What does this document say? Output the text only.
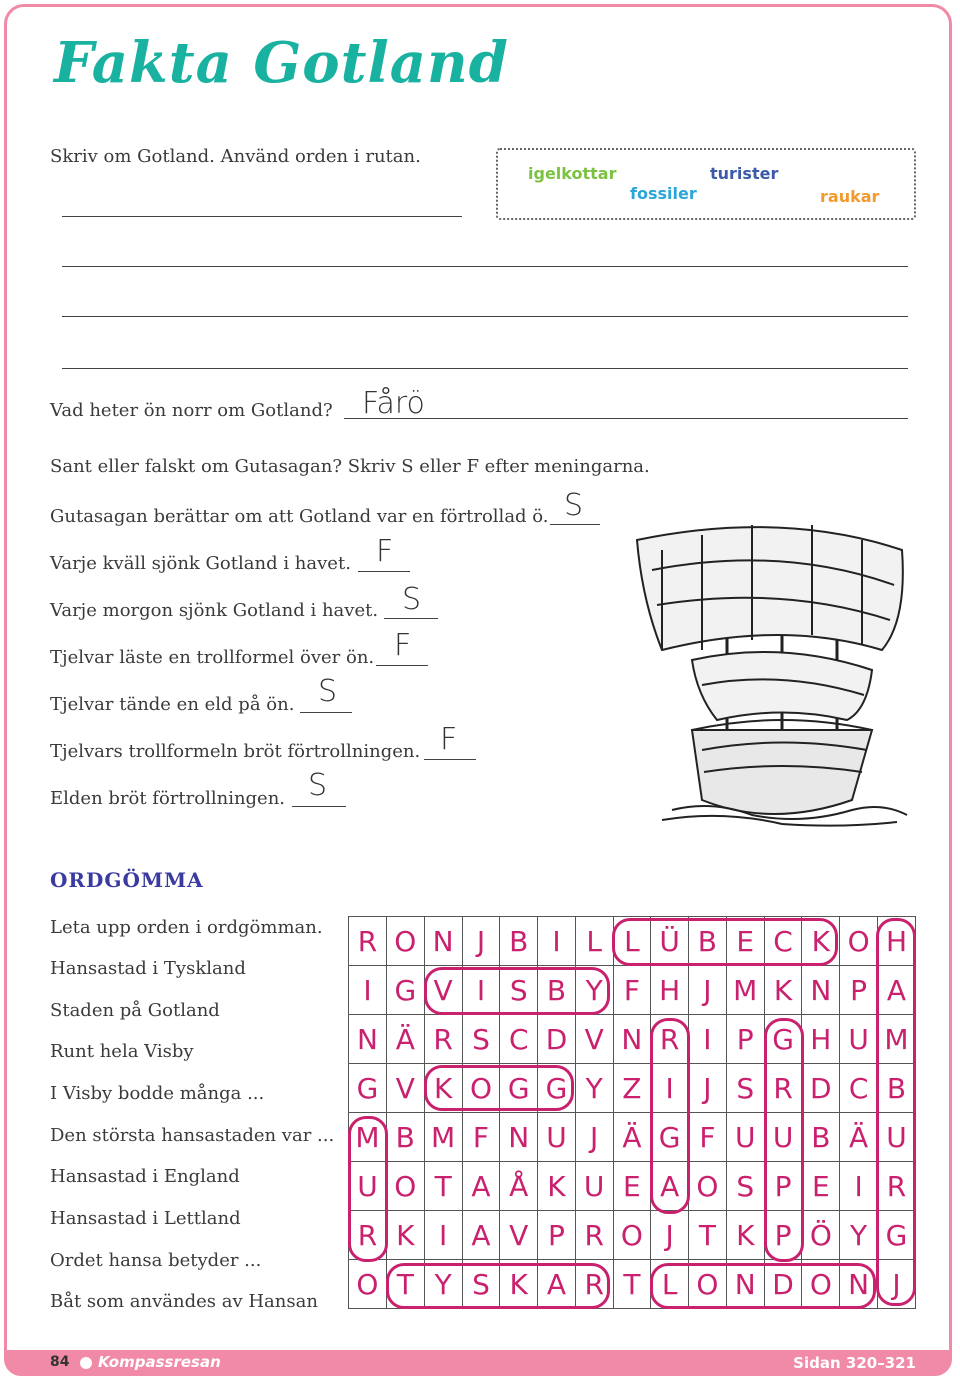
Fakta Gotland
Skriv om Gotland. Använd orden i rutan.
igelkottar	turister
fossiler	raukar
Vad heter ön norr om Gotland? Fårö
Sant eller falskt om Gutasagan? Skriv S eller F efter meningarna.
Gutasagan berättar om att Gotland var en förtrollad ö. S
Varje kväll sjönk Gotland i havet. F
Varje morgon sjönk Gotland i havet. S
Tjelvar läste en trollformel över ön. F
Tjelvar tände en eld på ön. S
Tjelvars trollformeln bröt förtrollningen. F
Elden bröt förtrollningen. S
ORDGÖMMA
Leta upp orden i ordgömman.
Hansastad i Tyskland
Staden på Gotland
Runt hela Visby
I Visby bodde många ...
Den största hansastaden var ...
Hansastad i England
Hansastad i Lettland
Ordet hansa betyder ...
Båt som användes av Hansan
R	O	N	J	B	I	L	L	Ü	B	E	C	K	O	H
I	G	V	I	S	B	Y	F	H	J	M	K	N	P	A
N	Ä	R	S	C	D	V	N	R	I	P	G	H	U	M
G	V	K	O	G	G	Y	Z	I	J	S	R	D	C	B
M	B	M	F	N	U	J	Ä	G	F	U	U	B	Ä	U
U	O	T	A	Å	K	U	E	A	O	S	P	E	I	R
R	K	I	A	V	P	R	O	J	T	K	P	Ö	Y	G
O	T	Y	S	K	A	R	T	L	O	N	D	O	N	J
84 Kompassresan	Sidan 320–321
